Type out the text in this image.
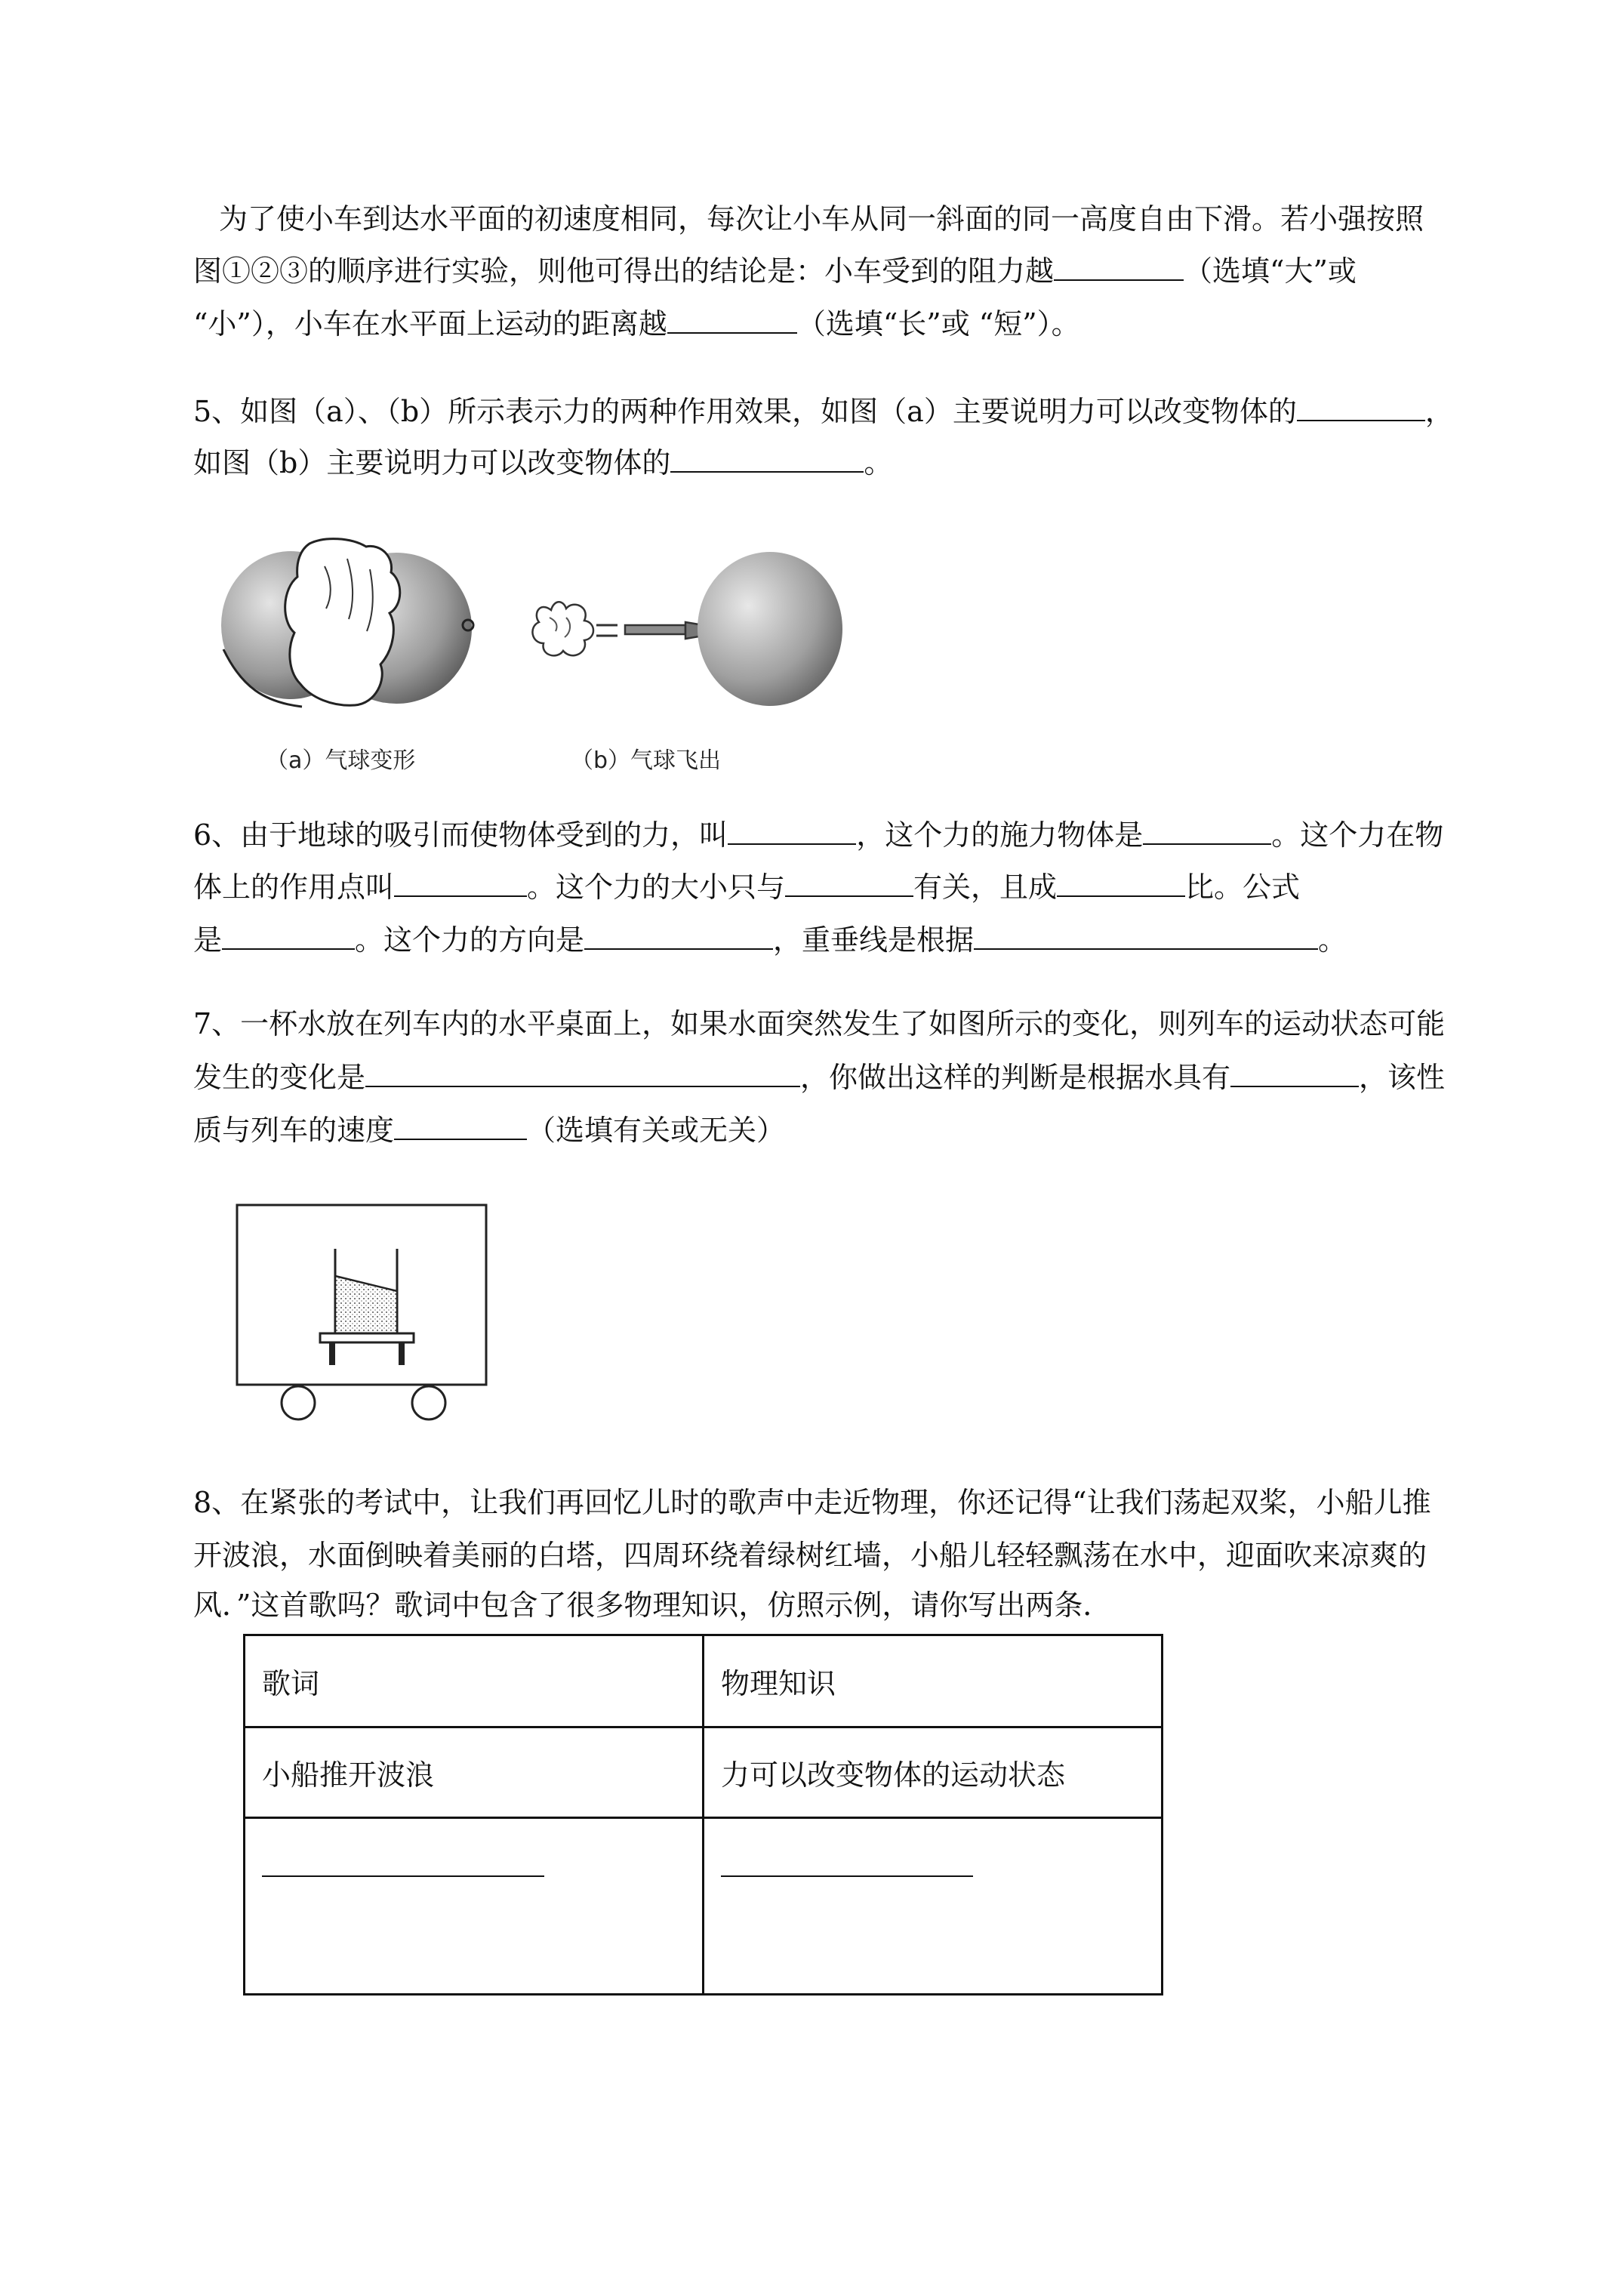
为了使小车到达水平面的初速度相同，每次让小车从同一斜面的同一高度自由下滑。若小强按照
图①②③的顺序进行实验，则他可得出的结论是：小车受到的阻力越	（选填“大”或
“小”），小车在水平面上运动的距离越	（选填“长”或 “短”）。
5、如图（a）、（b）所示表示力的两种作用效果，如图（a）主要说明力可以改变物体的	，
如图（b）主要说明力可以改变物体的	。
（a）气球变形	（b）气球飞出
6、由于地球的吸引而使物体受到的力，叫	，这个力的施力物体是	。这个力在物
体上的作用点叫	。这个力的大小只与	有关，且成	比。公式
是	。这个力的方向是	，重垂线是根据	。
7、一杯水放在列车内的水平桌面上，如果水面突然发生了如图所示的变化，则列车的运动状态可能
发生的变化是	，你做出这样的判断是根据水具有	，该性
质与列车的速度	（选填有关或无关）
8、在紧张的考试中，让我们再回忆儿时的歌声中走近物理，你还记得“让我们荡起双桨，小船儿推
开波浪，水面倒映着美丽的白塔，四周环绕着绿树红墙，小船儿轻轻飘荡在水中，迎面吹来凉爽的
风．”这首歌吗？歌词中包含了很多物理知识，仿照示例，请你写出两条．
歌词	物理知识
小船推开波浪	力可以改变物体的运动状态
